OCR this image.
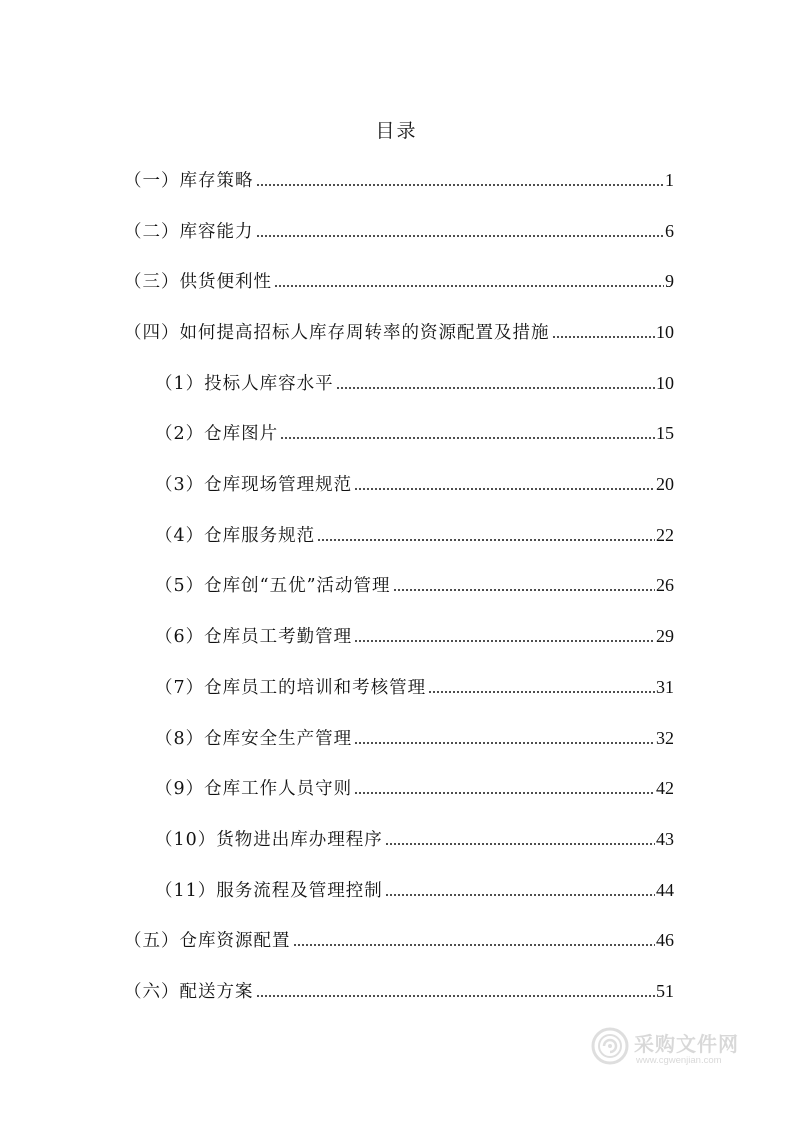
目录
（一）库存策略	1
（二）库容能力	6
（三）供货便利性	9
（四）如何提高招标人库存周转率的资源配置及措施	10
（1）投标人库容水平	10
（2）仓库图片	15
（3）仓库现场管理规范	20
（4）仓库服务规范	22
（5）仓库创“五优”活动管理	26
（6）仓库员工考勤管理	29
（7）仓库员工的培训和考核管理	31
（8）仓库安全生产管理	32
（9）仓库工作人员守则	42
（10）货物进出库办理程序	43
（11）服务流程及管理控制	44
（五）仓库资源配置	46
（六）配送方案	51
采购文件网
www.cgwenjian.com
